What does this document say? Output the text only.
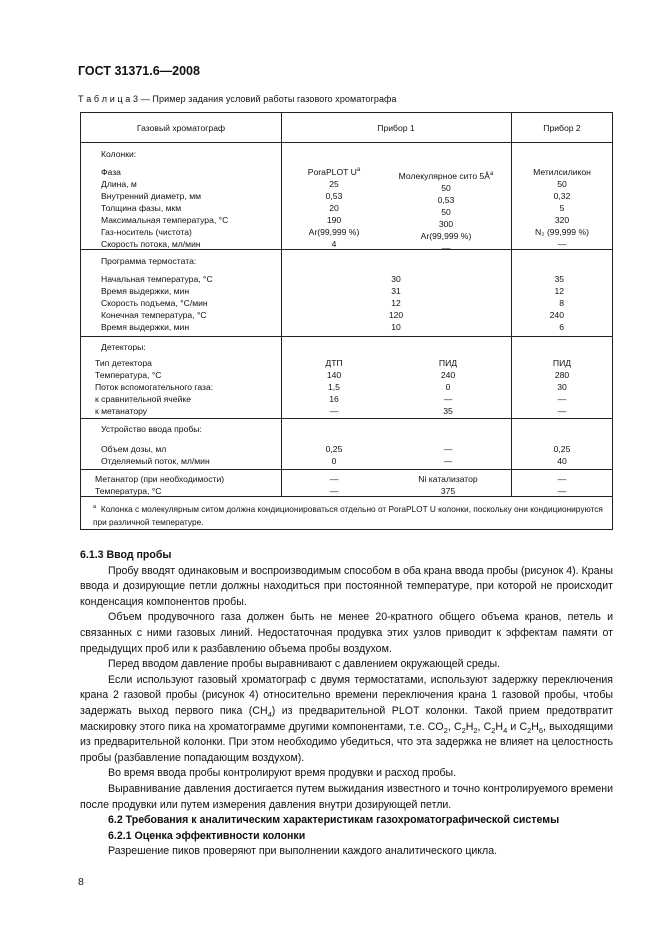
ГОСТ 31371.6—2008
Т а б л и ц а 3 — Пример задания условий работы газового хроматографа
Газовый хроматограф	Прибор 1	Прибор 2
Колонки:
Фаза
Длина, м
Внутренний диаметр, мм
Толщина фазы, мкм
Максимальная температура, °С
Газ-носитель (чистота)
Скорость потока, мл/мин
PoraPLOT $U^a$
25
0,53
20
190
Ar(99,999 %)
4
Молекулярное сито $5Å^a$
50
0,53
50
300
Ar(99,999 %)
—
Метилсиликон
50
0,32
5
320
N₂ (99,999 %)
—
Программа термостата:
Начальная температура, °С
Время выдержки, мин
Скорость подъема, °С/мин
Конечная температура, °С
Время выдержки, мин
30
31
12
120
10
35
12
8
240
6
Детекторы:
Тип детектора
Температура, °С
Поток вспомогательного газа:
к сравнительной ячейке
к метанатору
ДТП
140
1,5
16
—
ПИД
240
0
—
35
ПИД
280
30
—
—
Устройство ввода пробы:
Объем дозы, мл
Отделяемый поток, мл/мин
0,25
0
—
—
0,25
40
Метанатор (при необходимости)
Температура, °С
—
—
Ni катализатор
375
—
—
$^a$ Колонка с молекулярным ситом должна кондиционироваться отдельно от PoraPLOT U колонки, поскольку они кондиционируются при различной температуре.
6.1.3 Ввод пробы
Пробу вводят одинаковым и воспроизводимым способом в оба крана ввода пробы (рисунок 4). Краны ввода и дозирующие петли должны находиться при постоянной температуре, при которой не происходит конденсация компонентов пробы.
Объем продувочного газа должен быть не менее 20-кратного общего объема кранов, петель и связанных с ними газовых линий. Недостаточная продувка этих узлов приводит к эффектам памяти от предыдущих проб или к разбавлению объема пробы воздухом.
Перед вводом давление пробы выравнивают с давлением окружающей среды.
Если используют газовый хроматограф с двумя термостатами, используют задержку переключения крана 2 газовой пробы (рисунок 4) относительно времени переключения крана 1 газовой пробы, чтобы задержать выход первого пика $(CH_4)$ из предварительной PLOT колонки. Такой прием предотвратит маскировку этого пика на хроматограмме другими компонентами, т.е. $CO_2$, $C_2H_2$, $C_2H_4$ и $C_2H_6$, выходящими из предварительной колонки. При этом необходимо убедиться, что эта задержка не влияет на целостность пробы (разбавление попадающим воздухом).
Во время ввода пробы контролируют время продувки и расход пробы.
Выравнивание давления достигается путем выжидания известного и точно контролируемого времени после продувки или путем измерения давления внутри дозирующей петли.
6.2 Требования к аналитическим характеристикам газохроматографической системы
6.2.1 Оценка эффективности колонки
Разрешение пиков проверяют при выполнении каждого аналитического цикла.
8
